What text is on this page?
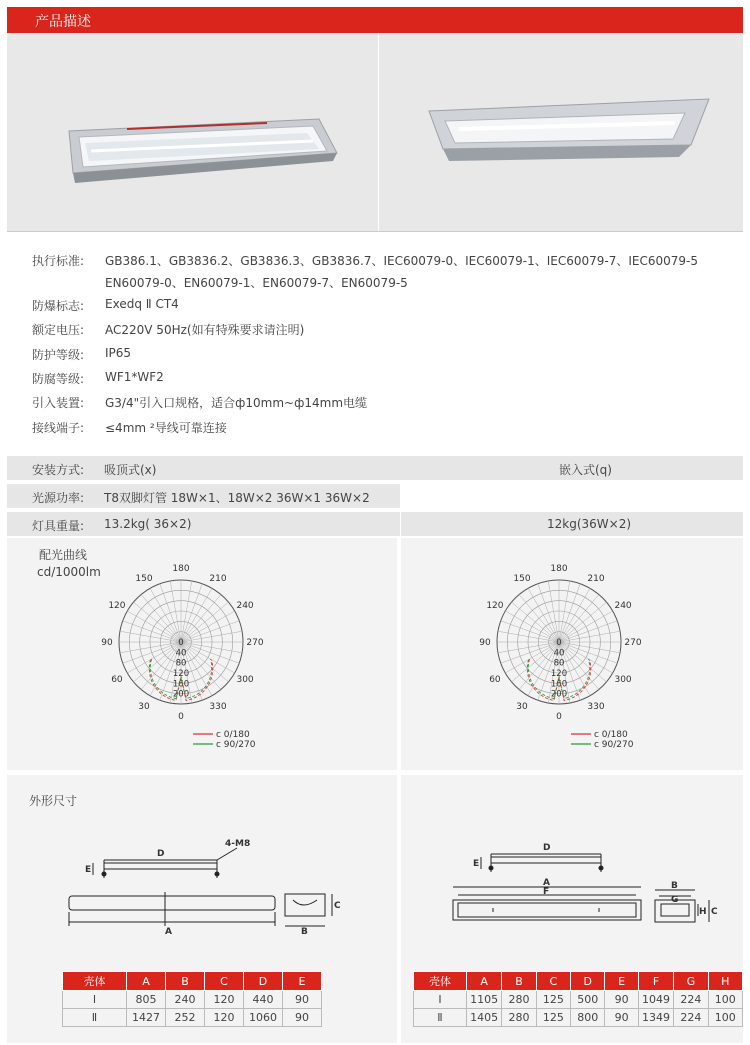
产品描述
执行标准:	GB386.1、GB3836.2、GB3836.3、GB3836.7、IEC60079-0、IEC60079-1、IEC60079-7、IEC60079-5
EN60079-0、EN60079-1、EN60079-7、EN60079-5
防爆标志:	Exedq Ⅱ CT4
额定电压:	AC220V 50Hz(如有特殊要求请注明)
防护等级:	IP65
防腐等级:	WF1*WF2
引入装置:	G3/4"引入口规格，适合ф10mm~ф14mm电缆
接线端子:	≤4mm ²导线可靠连接
安装方式: 吸顶式(x)	嵌入式(q)
光源功率: T8双脚灯管 18W×1、18W×2 36W×1 36W×2
灯具重量: 13.2kg( 36×2)	12kg(36W×2)
配光曲线
cd/1000lm	180
150
120
90
60
30
0
330
300
270
240
210
0
40
80
120
160
200
c 0/180
c 90/270
180
150
120
90
60
30
0
330
300
270
240
210
0
40
80
120
160
200
c 0/180
c 90/270
外形尺寸
D
E
4-M8
A
C
B
壳体	A	B	C	D	E
Ⅰ	805	240	120	440	90
Ⅱ	1427	252	120	1060	90
D
E
A
F
B
G
H C
壳体	A	B	C	D	E	F	G	H
Ⅰ	1105	280	125	500	90	1049	224	100
Ⅱ	1405	280	125	800	90	1349	224	100
